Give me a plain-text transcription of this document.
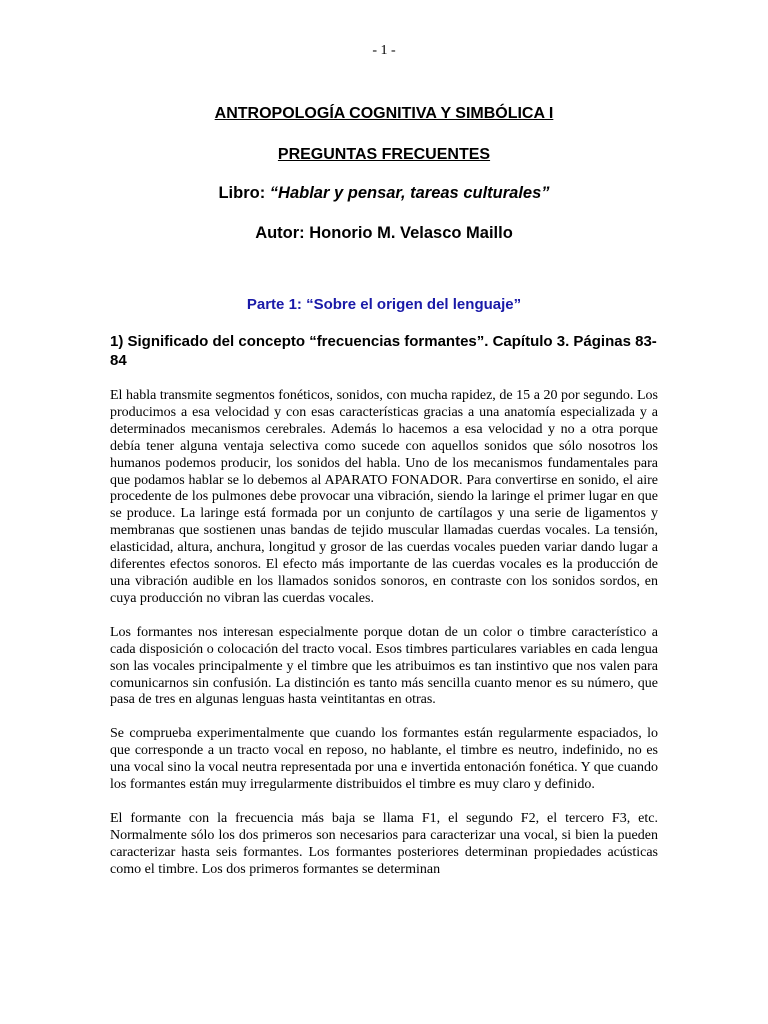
- 1 -
ANTROPOLOGÍA COGNITIVA Y SIMBÓLICA I
PREGUNTAS FRECUENTES
Libro: “Hablar y pensar, tareas culturales”
Autor: Honorio M. Velasco Maillo
Parte 1: “Sobre el origen del lenguaje”
1) Significado del concepto “frecuencias formantes”. Capítulo 3. Páginas 83-84

El habla transmite segmentos fonéticos, sonidos, con mucha rapidez, de 15 a 20 por segundo. Los producimos a esa velocidad y con esas características gracias a una anatomía especializada y a determinados mecanismos cerebrales. Además lo hacemos a esa velocidad y no a otra porque debía tener alguna ventaja selectiva como sucede con aquellos sonidos que sólo nosotros los humanos podemos producir, los sonidos del habla. Uno de los mecanismos fundamentales para que podamos hablar se lo debemos al APARATO FONADOR. Para convertirse en sonido, el aire procedente de los pulmones debe provocar una vibración, siendo la laringe el primer lugar en que se produce. La laringe está formada por un conjunto de cartílagos y una serie de ligamentos y membranas que sostienen unas bandas de tejido muscular llamadas cuerdas vocales. La tensión, elasticidad, altura, anchura, longitud y grosor de las cuerdas vocales pueden variar dando lugar a diferentes efectos sonoros. El efecto más importante de las cuerdas vocales es la producción de una vibración audible en los llamados sonidos sonoros, en contraste con los sonidos sordos, en cuya producción no vibran las cuerdas vocales.

Los formantes nos interesan especialmente porque dotan de un color o timbre característico a cada disposición o colocación del tracto vocal. Esos timbres particulares variables en cada lengua son las vocales principalmente y el timbre que les atribuimos es tan instintivo que nos valen para comunicarnos sin confusión. La distinción es tanto más sencilla cuanto menor es su número, que pasa de tres en algunas lenguas hasta veintitantas en otras.

Se comprueba experimentalmente que cuando los formantes están regularmente espaciados, lo que corresponde a un tracto vocal en reposo, no hablante, el timbre es neutro, indefinido, no es una vocal sino la vocal neutra representada por una e invertida entonación fonética. Y que cuando los formantes están muy irregularmente distribuidos el timbre es muy claro y definido.

El formante con la frecuencia más baja se llama F1, el segundo F2, el tercero F3, etc. Normalmente sólo los dos primeros son necesarios para caracterizar una vocal, si bien la pueden caracterizar hasta seis formantes. Los formantes posteriores determinan propiedades acústicas como el timbre. Los dos primeros formantes se determinan
